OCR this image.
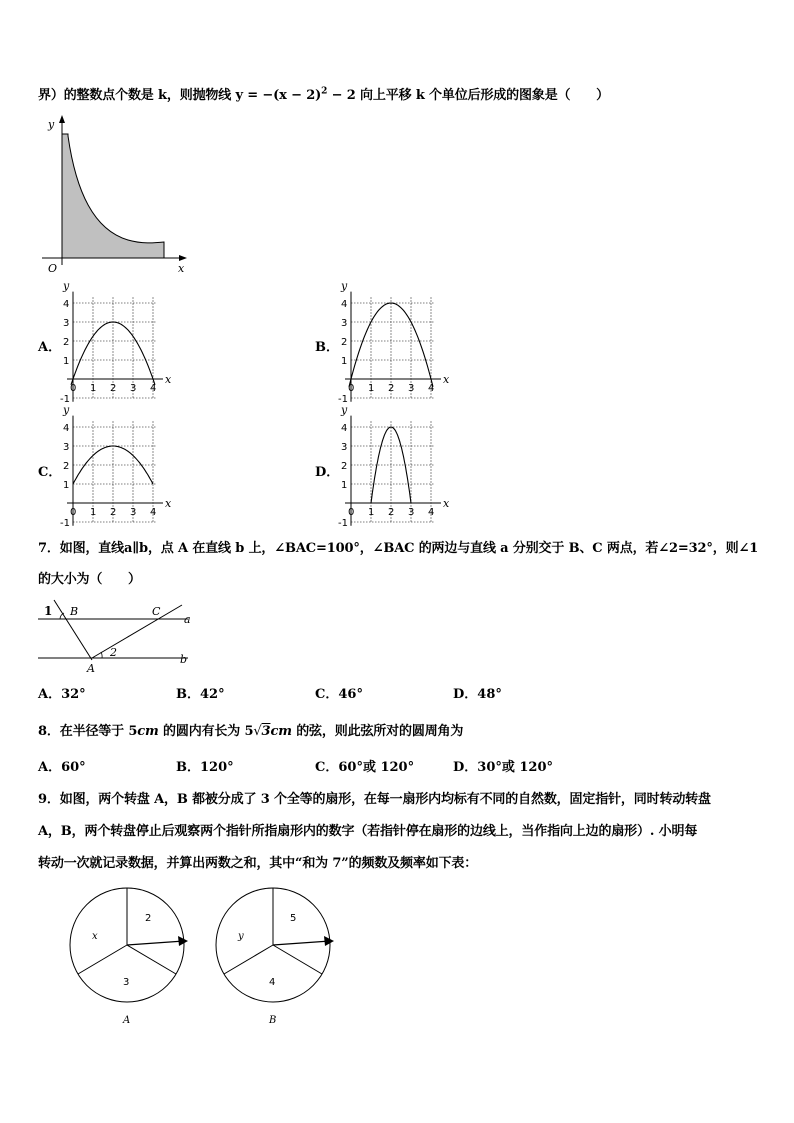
界）的整数点个数是 k，则抛物线 $y = -(x - 2)^2 - 2$ 向上平移 k 个单位后形成的图象是（　　）
y
x
O
A．	B．
C．	D．
y
x
4
3
2
1
-1
0 1 2 3 4
y
x
4
3
2
1
-1
0 1 2 3 4
y
x
4
3
2
1
-1
0 1 2 3 4
y
x
4
3
2
1
-1
0 1 2 3 4
7．如图，直线a∥b，点 A 在直线 b 上，∠BAC=100°，∠BAC 的两边与直线 a 分别交于 B、C 两点，若∠2=32°，则∠1
的大小为（　　）
1 B	C
a
A
2
b
A．32°	B．42°	C．46°	D．48°
8．在半径等于 5cm 的圆内有长为 5√3cm 的弦，则此弦所对的圆周角为
A．60°	B．120°	C．60°或 120°	D．30°或 120°
9．如图，两个转盘 A，B 都被分成了 3 个全等的扇形，在每一扇形内均标有不同的自然数，固定指针，同时转动转盘
A，B，两个转盘停止后观察两个指针所指扇形内的数字（若指针停在扇形的边线上，当作指向上边的扇形）. 小明每
转动一次就记录数据，并算出两数之和，其中“和为 7”的频数及频率如下表：
2
x
3
A
5
y
4
B
